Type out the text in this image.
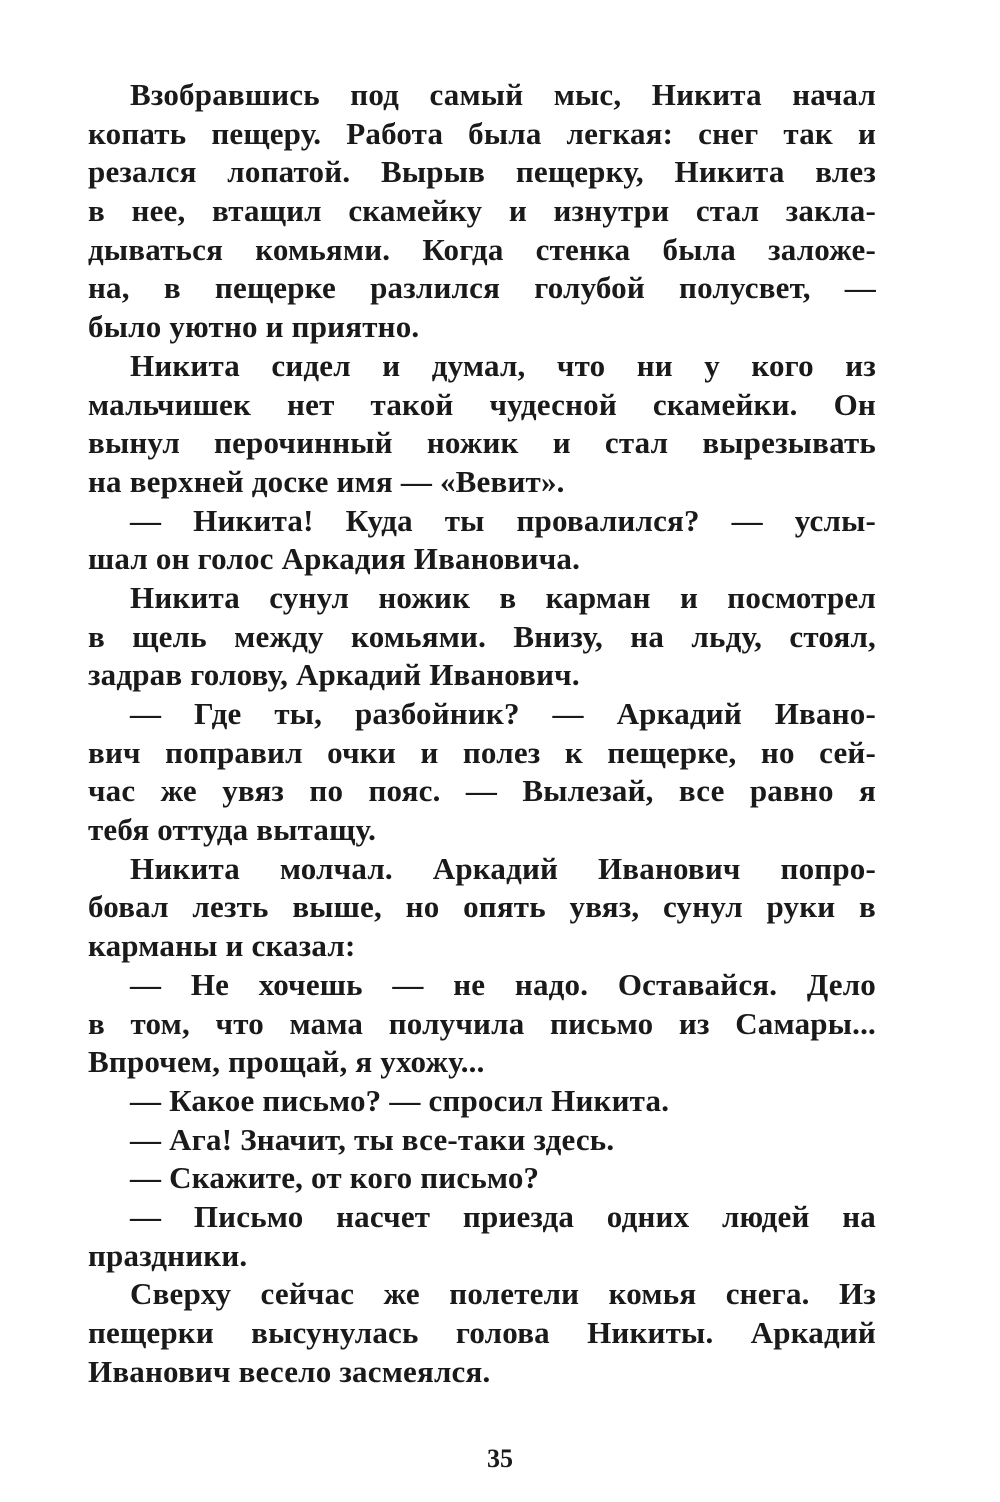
Взобравшись под самый мыс, Никита начал
копать пещеру. Работа была легкая: снег так и
резался лопатой. Вырыв пещерку, Никита влез
в нее, втащил скамейку и изнутри стал закла-
дываться комьями. Когда стенка была заложе-
на, в пещерке разлился голубой полусвет, —
было уютно и приятно.
Никита сидел и думал, что ни у кого из
мальчишек нет такой чудесной скамейки. Он
вынул перочинный ножик и стал вырезывать
на верхней доске имя — «Вевит».
— Никита! Куда ты провалился? — услы-
шал он голос Аркадия Ивановича.
Никита сунул ножик в карман и посмотрел
в щель между комьями. Внизу, на льду, стоял,
задрав голову, Аркадий Иванович.
— Где ты, разбойник? — Аркадий Ивано-
вич поправил очки и полез к пещерке, но сей-
час же увяз по пояс. — Вылезай, все равно я
тебя оттуда вытащу.
Никита молчал. Аркадий Иванович попро-
бовал лезть выше, но опять увяз, сунул руки в
карманы и сказал:
— Не хочешь — не надо. Оставайся. Дело
в том, что мама получила письмо из Самары...
Впрочем, прощай, я ухожу...
— Какое письмо? — спросил Никита.
— Ага! Значит, ты все-таки здесь.
— Скажите, от кого письмо?
— Письмо насчет приезда одних людей на
праздники.
Сверху сейчас же полетели комья снега. Из
пещерки высунулась голова Никиты. Аркадий
Иванович весело засмеялся.
35
